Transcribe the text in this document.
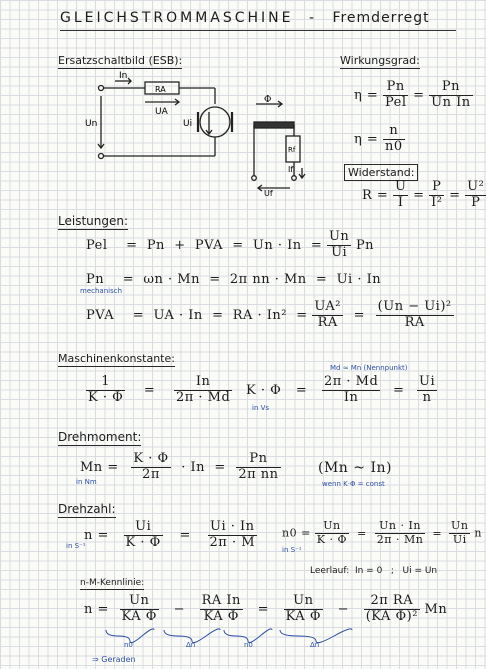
GLEICHSTROMMASCHINE - Fremderregt
Ersatzschaltbild (ESB):
In
RA
UA
Un	Ui
Φ
Rf
If
Uf
Wirkungsgrad:
$\eta = \frac{Pn}{\text{Pel}} = \frac{Pn}{\text{Un In}}$
$\eta = \frac{n}{n0}$
Widerstand:
$R = \frac{U}{I} = \frac{P}{\text{I²}} = \frac{\text{U²}}{P}$
Leistungen:
Pel =  Pn  +  PVA  =  $Un \cdot In = \frac{Un}{Ui}$ Pn
Pn =  ωn · Mn  =  2π nn · Mn  =  Ui · In
mechanisch
PVA =  UA · In  =  RA · $In^2 = \frac{\text{UA²}}{RA} = \frac{\text{(Un − Ui)²}}{RA}$
Maschinenkonstante:
Md ≈ Mn (Nennpunkt)
$\frac{1}{K \cdot \Phi} = \frac{In}{2\pi \cdot Md}$ $K \cdot \Phi = \frac{2\pi \cdot Md}{In} = \frac{Ui}{n}$
in Vs
Drehmoment:
$Mn = \frac{K \cdot \Phi}{2\pi} \cdot In = \frac{Pn}{\text{2π nn}}$
in Nm
(Mn ~ In)
wenn K·Φ = const
Drehzahl:
$n = \frac{Ui}{K \cdot \Phi} = \frac{Ui \cdot In}{2\pi \cdot M}$
in S⁻¹
$n0 = \frac{Un}{K \cdot \Phi} = \frac{Un \cdot In}{2\pi \cdot Mn} = \frac{Un}{Ui}$ n
in S⁻¹
Leerlauf:  In = 0   ;   Ui = Un
n-M-Kennlinie:
$n = \frac{Un}{\text{KA Φ}} - \frac{\text{RA In}}{\text{KA Φ}} = \frac{Un}{\text{KA Φ}} - \frac{\text{2π RA}}{\text{(KA Φ)²}}$ Mn
n0	Δn	n0	Δn
⇒ Geraden
